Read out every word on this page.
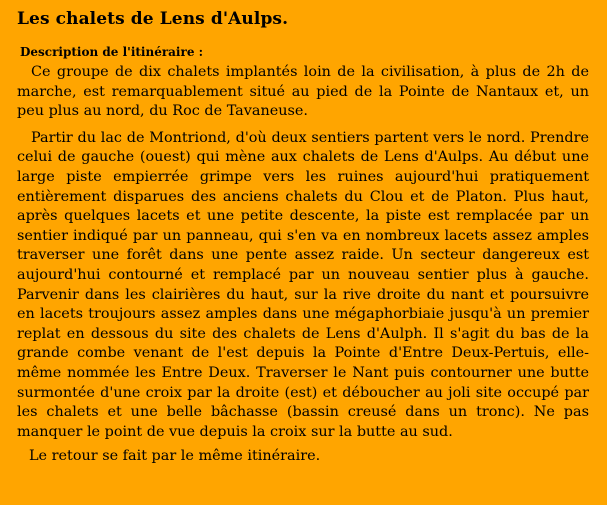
Les chalets de Lens d'Aulps.
Description de l'itinéraire :

Ce groupe de dix chalets implantés loin de la civilisation, à plus de 2h de marche, est remarquablement situé au pied de la Pointe de Nantaux et, un peu plus au nord, du Roc de Tavaneuse.

Partir du lac de Montriond, d'où deux sentiers partent vers le nord. Prendre celui de gauche (ouest) qui mène aux chalets de Lens d'Aulps. Au début une large piste empierrée grimpe vers les ruines aujourd'hui pratiquement entièrement disparues des anciens chalets du Clou et de Platon. Plus haut, après quelques lacets et une petite descente, la piste est remplacée par un sentier indiqué par un panneau, qui s'en va en nombreux lacets assez amples traverser une forêt dans une pente assez raide. Un secteur dangereux est aujourd'hui contourné et remplacé par un nouveau sentier plus à gauche. Parvenir dans les clairières du haut, sur la rive droite du nant et poursuivre en lacets troujours assez amples dans une mégaphorbiaie jusqu'à un premier replat en dessous du site des chalets de Lens d'Aulph. Il s'agit du bas de la grande combe venant de l'est depuis la Pointe d'Entre Deux-Pertuis, elle-même nommée les Entre Deux. Traverser le Nant puis contourner une butte surmontée d'une croix par la droite (est) et déboucher au joli site occupé par les chalets et une belle bâchasse (bassin creusé dans un tronc). Ne pas manquer le point de vue depuis la croix sur la butte au sud.

Le retour se fait par le même itinéraire.
